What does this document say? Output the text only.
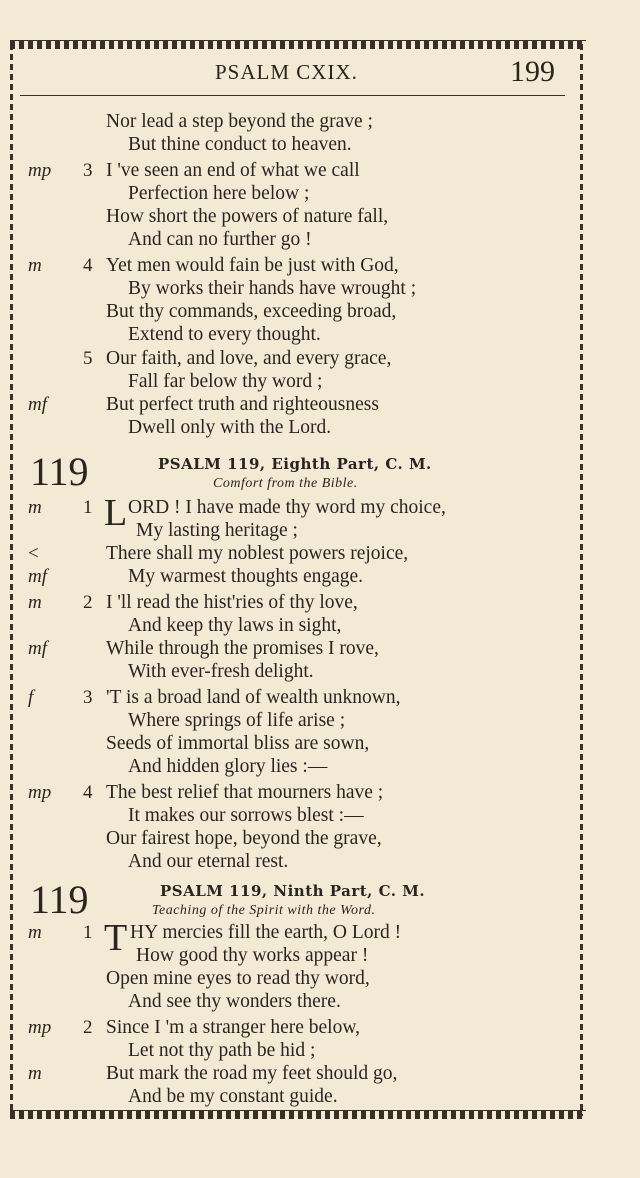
PSALM CXIX.	199
Nor lead a step beyond the grave ;
But thine conduct to heaven.
mp 3 I 've seen an end of what we call
Perfection here below ;
How short the powers of nature fall,
And can no further go !
m 4 Yet men would fain be just with God,
By works their hands have wrought ;
But thy commands, exceeding broad,
Extend to every thought.
5 Our faith, and love, and every grace,
Fall far below thy word ;
mf	But perfect truth and righteousness
Dwell only with the Lord.
119	PSALM 119, Eighth Part, C. M.
Comfort from the Bible.
m 1 L ORD ! I have made thy word my choice,
My lasting heritage ;
<	There shall my noblest powers rejoice,
mf	My warmest thoughts engage.
m 2 I 'll read the hist'ries of thy love,
And keep thy laws in sight,
mf	While through the promises I rove,
With ever-fresh delight.
f	3 'T is a broad land of wealth unknown,
Where springs of life arise ;
Seeds of immortal bliss are sown,
And hidden glory lies :—
mp 4 The best relief that mourners have ;
It makes our sorrows blest :—
Our fairest hope, beyond the grave,
And our eternal rest.
119	PSALM 119, Ninth Part, C. M.
Teaching of the Spirit with the Word.
m 1 T HY mercies fill the earth, O Lord !
How good thy works appear !
Open mine eyes to read thy word,
And see thy wonders there.
mp 2 Since I 'm a stranger here below,
Let not thy path be hid ;
m	But mark the road my feet should go,
And be my constant guide.
